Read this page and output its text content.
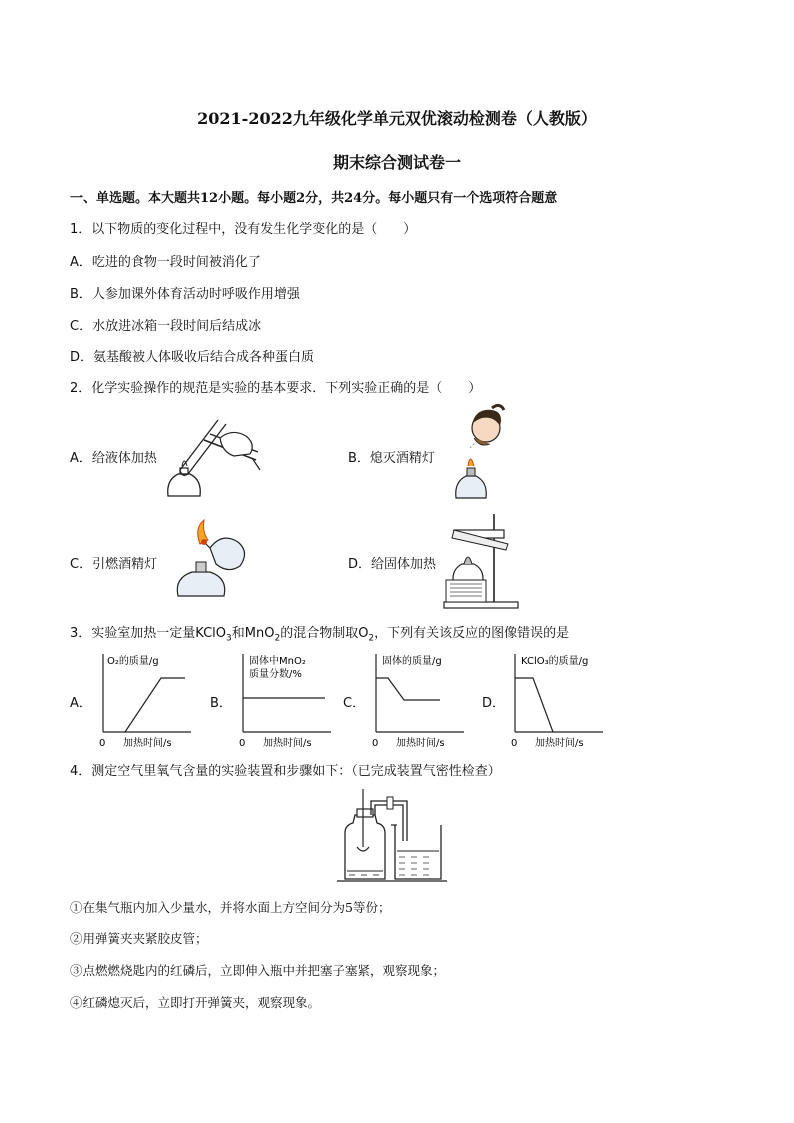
2021-2022九年级化学单元双优滚动检测卷（人教版）
期末综合测试卷一
一、单选题。本大题共12小题。每小题2分，共24分。每小题只有一个选项符合题意
1．以下物质的变化过程中，没有发生化学变化的是（　　）
A．吃进的食物一段时间被消化了
B．人参加课外体育活动时呼吸作用增强
C．水放进冰箱一段时间后结成冰
D．氨基酸被人体吸收后结合成各种蛋白质
2．化学实验操作的规范是实验的基本要求．下列实验正确的是（　　）
A．给液体加热	B．熄灭酒精灯
C．引燃酒精灯	D．给固体加热
3．实验室加热一定量KClO$_3$和MnO$_2$的混合物制取$O_2$，下列有关该反应的图像错误的是
A．
O₂的质量/g
加热时间/s
0
B．
固体中MnO₂
质量分数/%
加热时间/s
0
C．
固体的质量/g
加热时间/s
0
D．
KClO₃的质量/g
加热时间/s
0
4．测定空气里氧气含量的实验装置和步骤如下：（已完成装置气密性检查）
①在集气瓶内加入少量水，并将水面上方空间分为5等份；
②用弹簧夹夹紧胶皮管；
③点燃燃烧匙内的红磷后，立即伸入瓶中并把塞子塞紧，观察现象；
④红磷熄灭后，立即打开弹簧夹，观察现象。
